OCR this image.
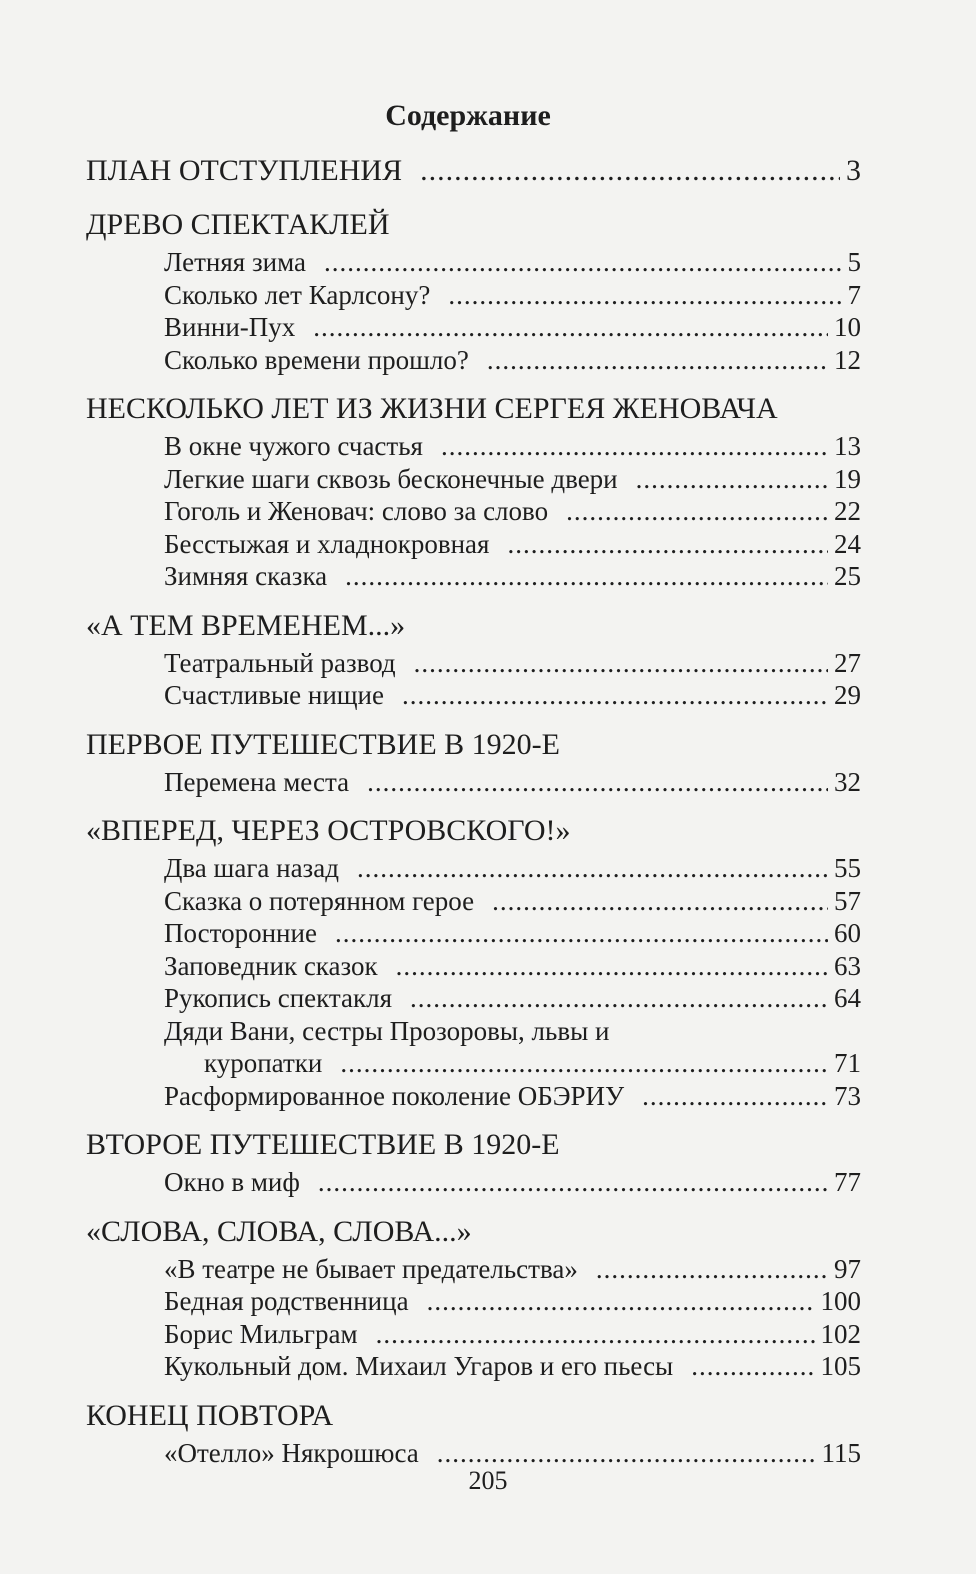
Содержание
ПЛАН ОТСТУПЛЕНИЯ .....	3
ДРЕВО СПЕКТАКЛЕЙ
Летняя зима .....	5
Сколько лет Карлсону? .....	7
Винни-Пух .....	10
Сколько времени прошло? .....	12
НЕСКОЛЬКО ЛЕТ ИЗ ЖИЗНИ СЕРГЕЯ ЖЕНОВАЧА
В окне чужого счастья .....	13
Легкие шаги сквозь бесконечные двери .....	19
Гоголь и Женовач: слово за слово .....	22
Бесстыжая и хладнокровная .....	24
Зимняя сказка .....	25
«А ТЕМ ВРЕМЕНЕМ...»
Театральный развод .....	27
Счастливые нищие .....	29
ПЕРВОЕ ПУТЕШЕСТВИЕ В 1920-Е
Перемена места .....	32
«ВПЕРЕД, ЧЕРЕЗ ОСТРОВСКОГО!»
Два шага назад .....	55
Сказка о потерянном герое .....	57
Посторонние .....	60
Заповедник сказок .....	63
Рукопись спектакля .....	64
Дяди Вани, сестры Прозоровы, львы и
куропатки .....	71
Расформированное поколение ОБЭРИУ .....	73
ВТОРОЕ ПУТЕШЕСТВИЕ В 1920-Е
Окно в миф .....	77
«СЛОВА, СЛОВА, СЛОВА...»
«В театре не бывает предательства» .....	97
Бедная родственница .....	100
Борис Мильграм .....	102
Кукольный дом. Михаил Угаров и его пьесы .....	105
КОНЕЦ ПОВТОРА
«Отелло» Някрошюса .....	115
205
